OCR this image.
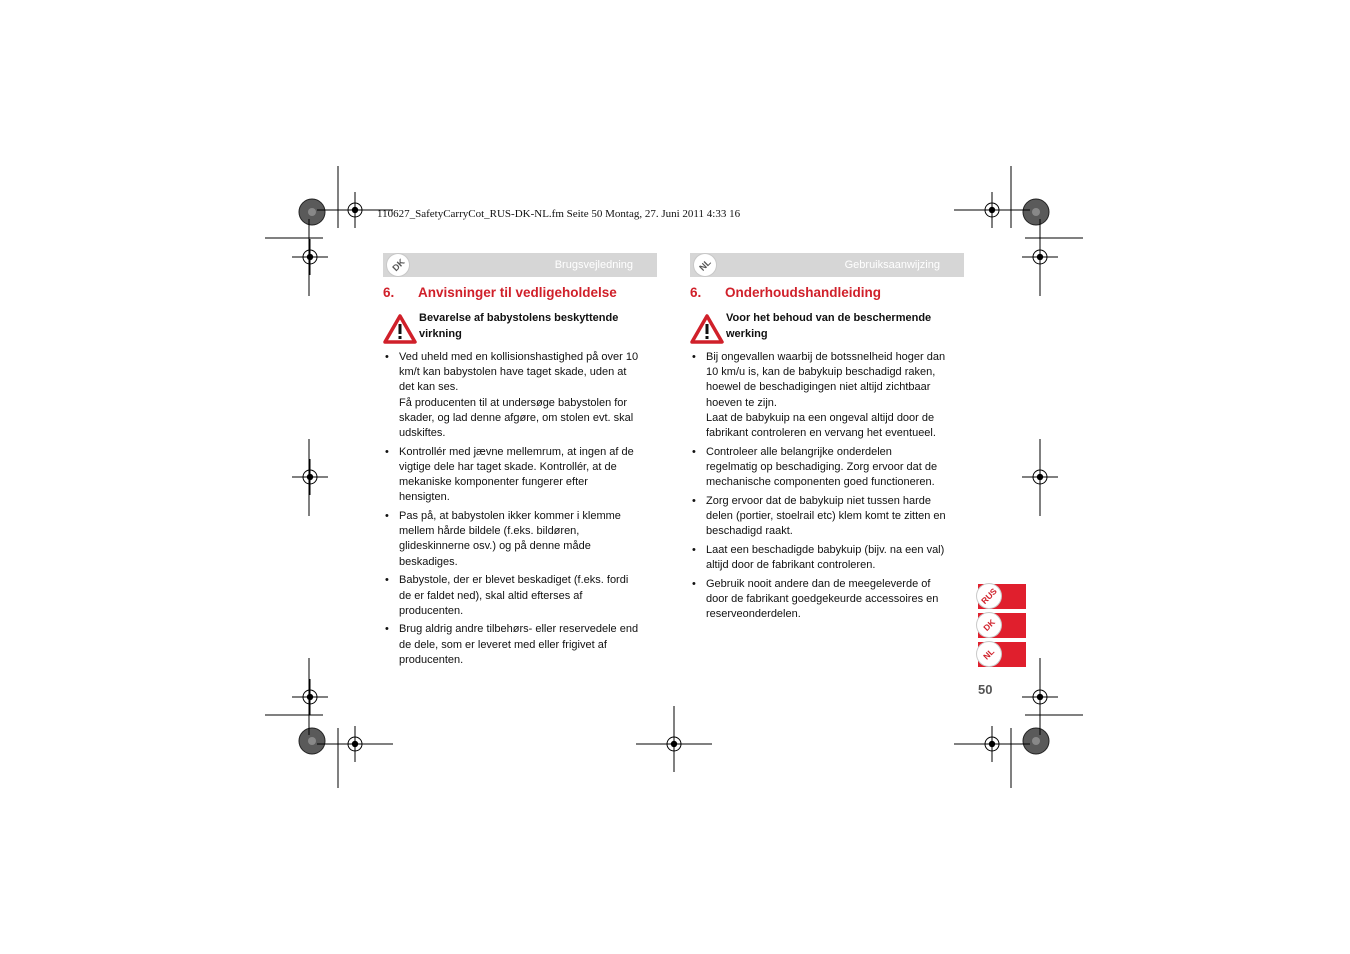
110627_SafetyCarryCot_RUS-DK-NL.fm Seite 50 Montag, 27. Juni 2011 4:33 16
DK	Brugsvejledning	NL	Gebruiksaanwijzing
6.	Anvisninger til vedligeholdelse
Bevarelse af babystolens beskyttende virkning
• Ved uheld med en kollisionshastighed på over 10
km/t kan babystolen have taget skade, uden at
det kan ses.
Få producenten til at undersøge babystolen for
skader, og lad denne afgøre, om stolen evt. skal
udskiftes.
• Kontrollér med jævne mellemrum, at ingen af de
vigtige dele har taget skade. Kontrollér, at de
mekaniske komponenter fungerer efter
hensigten.
• Pas på, at babystolen ikker kommer i klemme
mellem hårde bildele (f.eks. bildøren,
glideskinnerne osv.) og på denne måde
beskadiges.
• Babystole, der er blevet beskadiget (f.eks. fordi
de er faldet ned), skal altid efterses af
producenten.
• Brug aldrig andre tilbehørs- eller reservedele end
de dele, som er leveret med eller frigivet af
producenten.
6.	Onderhoudshandleiding
Voor het behoud van de beschermende werking
• Bij ongevallen waarbij de botssnelheid hoger dan
10 km/u is, kan de babykuip beschadigd raken,
hoewel de beschadigingen niet altijd zichtbaar
hoeven te zijn.
Laat de babykuip na een ongeval altijd door de
fabrikant controleren en vervang het eventueel.
• Controleer alle belangrijke onderdelen
regelmatig op beschadiging. Zorg ervoor dat de
mechanische componenten goed functioneren.
• Zorg ervoor dat de babykuip niet tussen harde
delen (portier, stoelrail etc) klem komt te zitten en
beschadigd raakt.
• Laat een beschadigde babykuip (bijv. na een val)
altijd door de fabrikant controleren.
• Gebruik nooit andere dan de meegeleverde of
door de fabrikant goedgekeurde accessoires en
reserveonderdelen.
RUS
DK
NL
50
